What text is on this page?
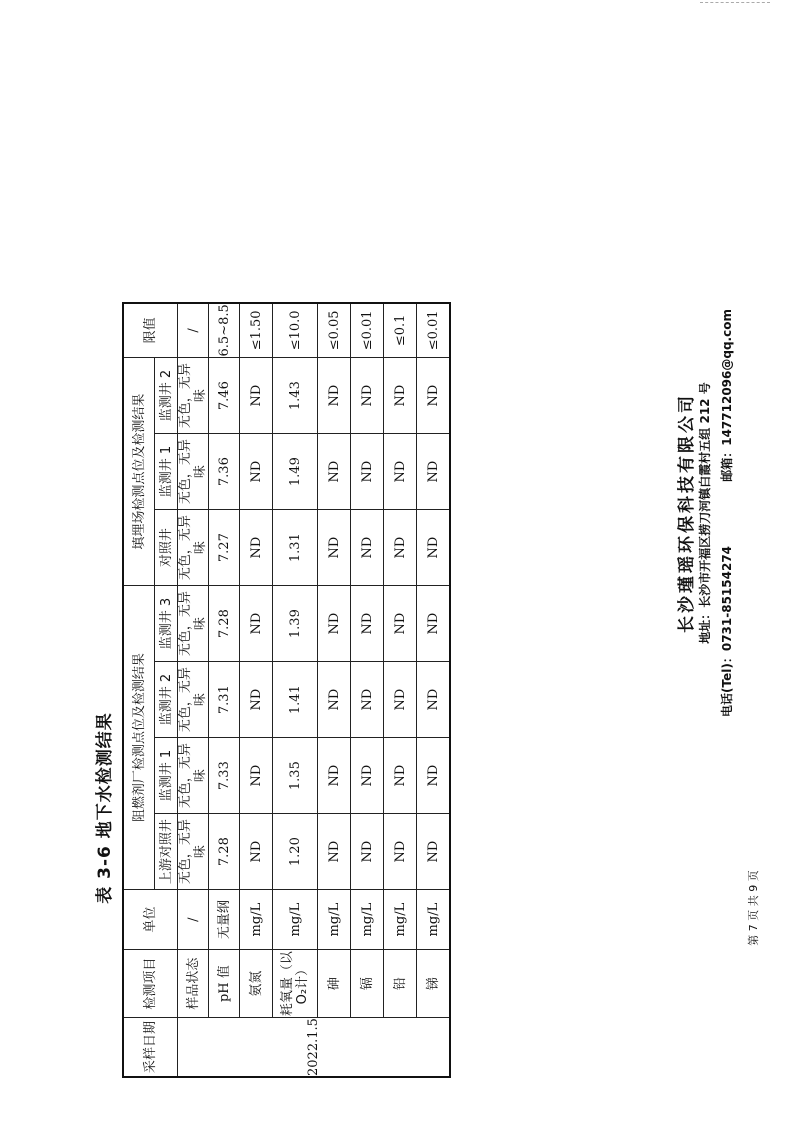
表 3-6 地下水检测结果
采样日期	检测项目	单位	阻燃剂厂检测点位及检测结果				填埋场检测点位及检测结果			限值
			上游对照井	监测井 1	监测井 2	监测井 3	对照井	监测井 1	监测井 2	
2022.1.5	样品状态	/	无色，无异味	无色，无异味	无色，无异味	无色，无异味	无色，无异味	无色，无异味	无色，无异味	/
	pH 值	无量纲	7.28	7.33	7.31	7.28	7.27	7.36	7.46	6.5~8.5
	氨氮	mg/L	ND	ND	ND	ND	ND	ND	ND	≤1.50
	耗氧量（以O₂计）	mg/L	1.20	1.35	1.41	1.39	1.31	1.49	1.43	≤10.0
	砷	mg/L	ND	ND	ND	ND	ND	ND	ND	≤0.05
	镉	mg/L	ND	ND	ND	ND	ND	ND	ND	≤0.01
	铅	mg/L	ND	ND	ND	ND	ND	ND	ND	≤0.1
	锑	mg/L	ND	ND	ND	ND	ND	ND	ND	≤0.01
长沙瑾瑶环保科技有限公司 地址：长沙市开福区捞刀河镇白霞村五组 212 号 电话(Tel)：0731-85154274 邮箱：14771209​6@qq.com
第 7 页 共 9 页
